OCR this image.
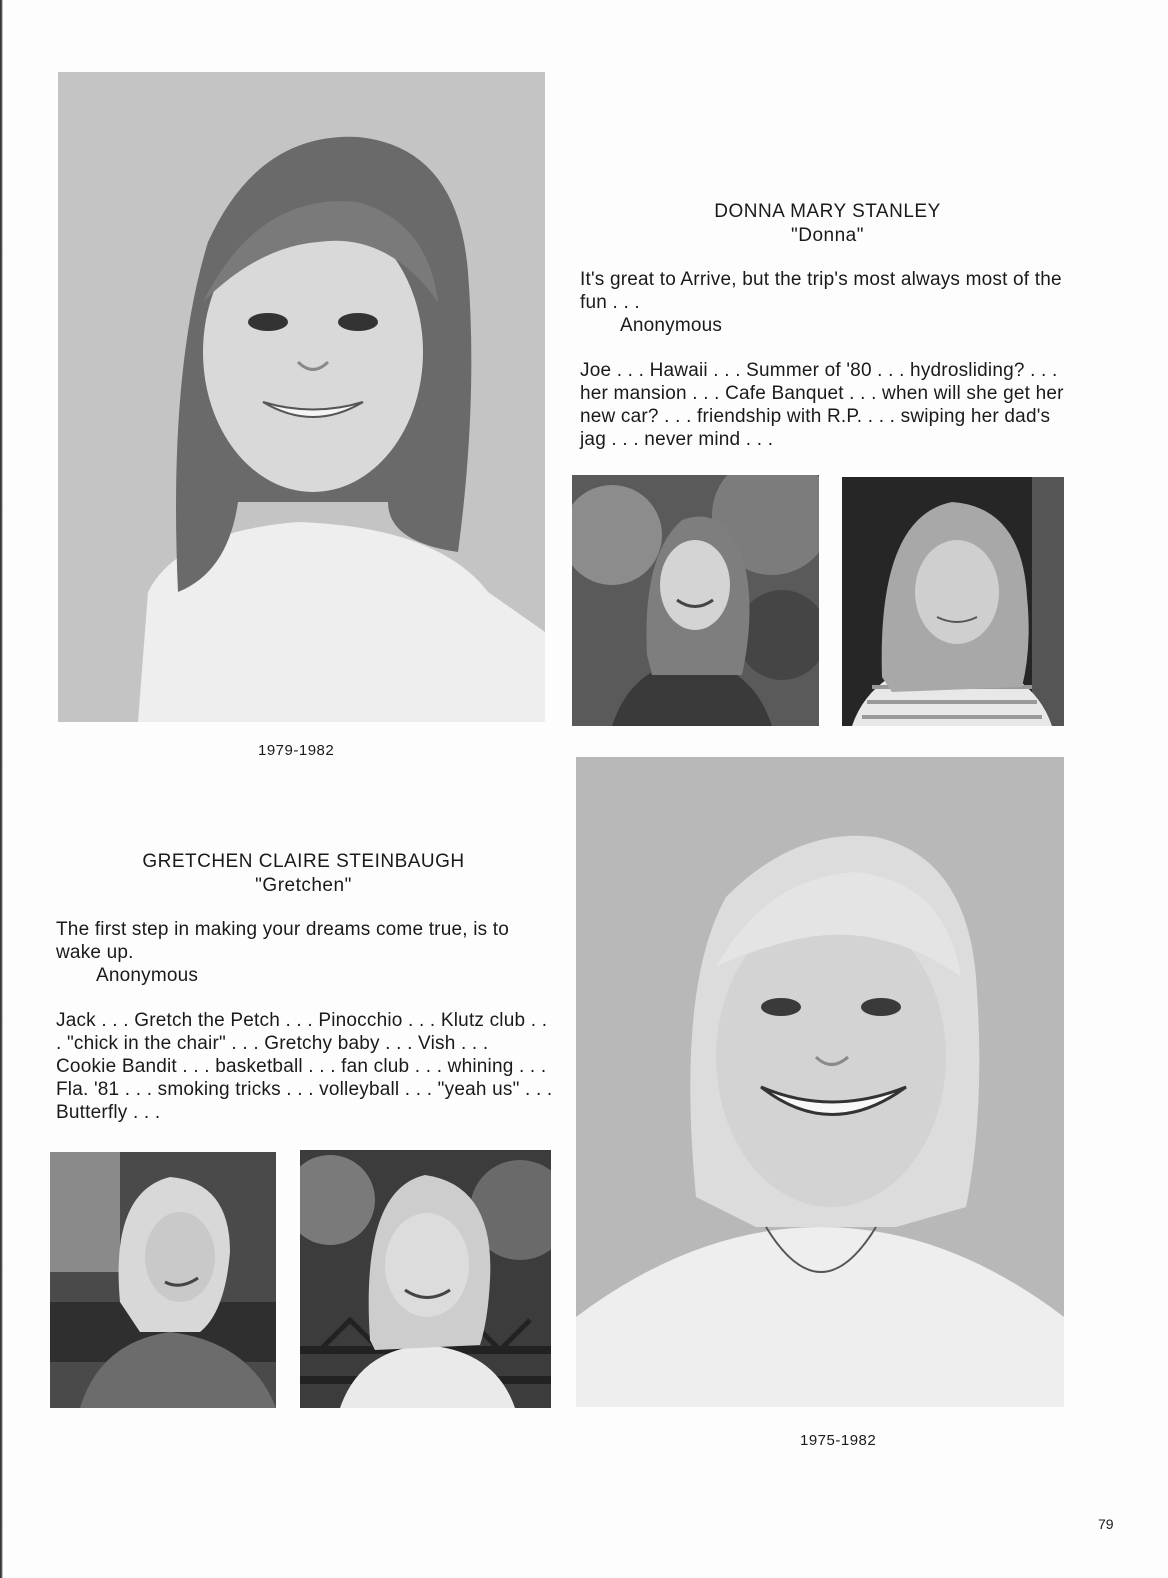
DONNA MARY STANLEY
"Donna"
It's great to Arrive, but the trip's most always most of the fun . . .
Anonymous
Joe . . . Hawaii . . . Summer of '80 . . . hydrosliding? . . . her mansion . . . Cafe Banquet . . . when will she get her new car? . . . friendship with R.P. . . . swiping her dad's jag . . . never mind . . .
1979-1982
GRETCHEN CLAIRE STEINBAUGH
"Gretchen"
The first step in making your dreams come true, is to wake up.
Anonymous
Jack . . . Gretch the Petch . . . Pinocchio . . . Klutz club . . . "chick in the chair" . . . Gretchy baby . . . Vish . . . Cookie Bandit . . . basketball . . . fan club . . . whining . . . Fla. '81 . . . smoking tricks . . . volleyball . . . "yeah us" . . . Butterfly . . .
1975-1982
79
